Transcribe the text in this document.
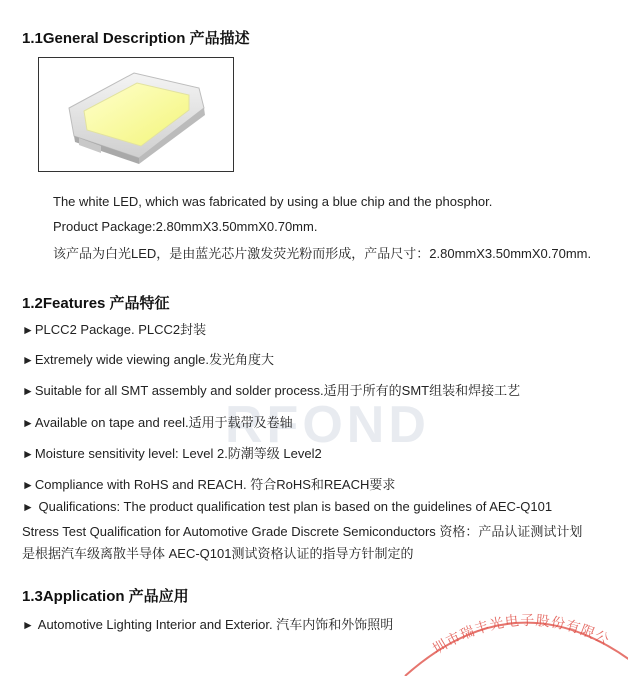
RFOND
1.1General Description 产品描述
The white LED, which was fabricated by using a blue chip and the phosphor.
Product Package:2.80mmX3.50mmX0.70mm.
该产品为白光LED，是由蓝光芯片激发荧光粉而形成，产品尺寸：2.80mmX3.50mmX0.70mm.
1.2Features 产品特征
►PLCC2 Package. PLCC2封装
►Extremely wide viewing angle.发光角度大
►Suitable for all SMT assembly and solder process.适用于所有的SMT组装和焊接工艺
►Available on tape and reel.适用于载带及卷轴
►Moisture sensitivity level: Level 2.防潮等级 Level2
►Compliance with RoHS and REACH. 符合RoHS和REACH要求
► Qualifications: The product qualification test plan is based on the guidelines of AEC-Q101
Stress Test Qualification for Automotive Grade Discrete Semiconductors 资格：产品认证测试计划
是根据汽车级离散半导体 AEC-Q101测试资格认证的指导方针制定的
1.3Application 产品应用
► Automotive Lighting Interior and Exterior. 汽车内饰和外饰照明
圳市瑞丰光电子股份有限公
